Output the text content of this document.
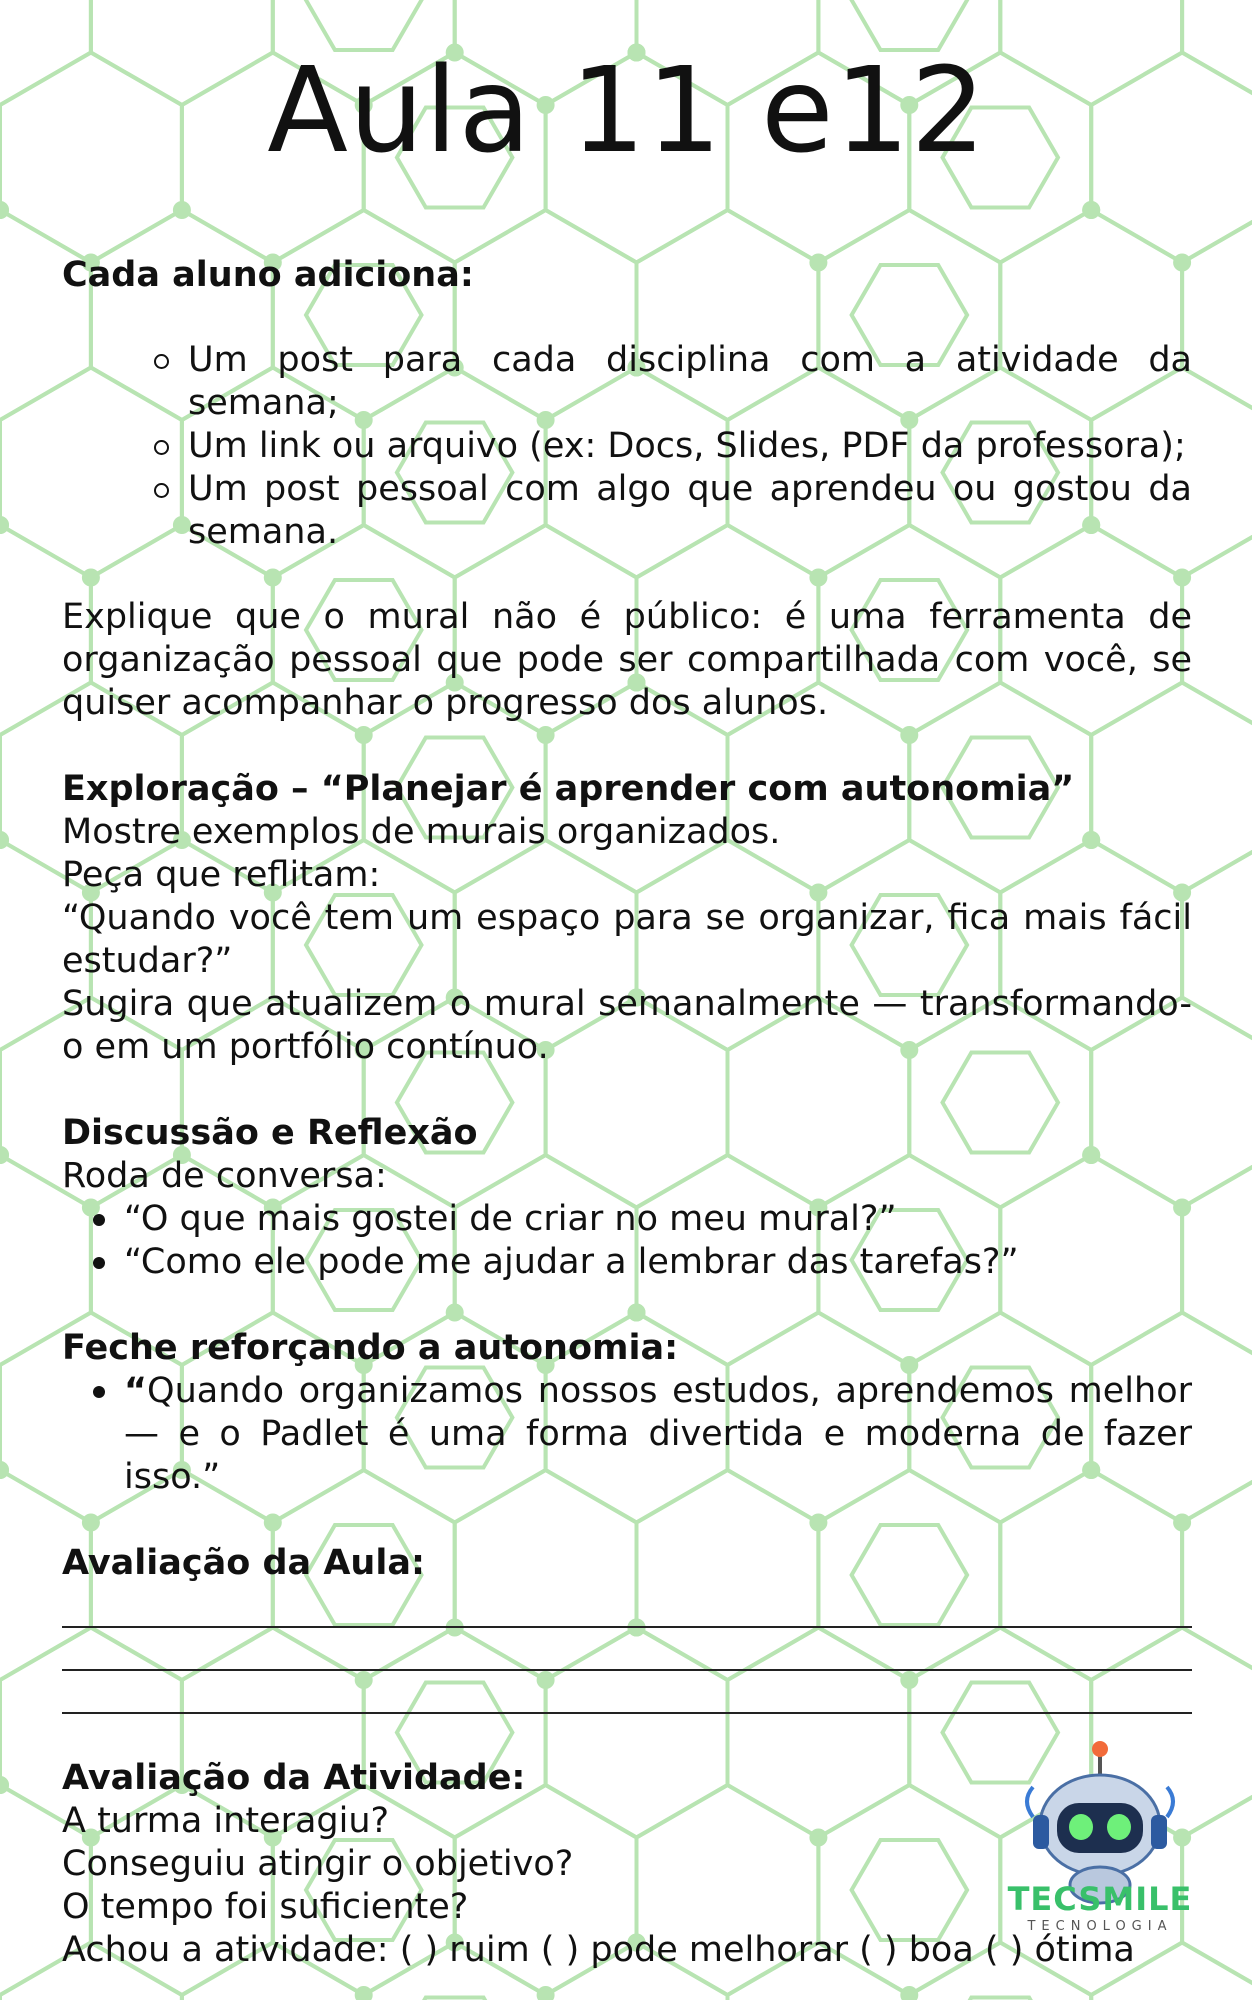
Aula 11 e12

Cada aluno adiciona:

Um post para cada disciplina com a atividade da semana;
Um link ou arquivo (ex: Docs, Slides, PDF da professora);
Um post pessoal com algo que aprendeu ou gostou da semana.

Explique que o mural não é público: é uma ferramenta de organização pessoal que pode ser compartilhada com você, se quiser acompanhar o progresso dos alunos.

Exploração – “Planejar é aprender com autonomia”

Mostre exemplos de murais organizados.

Peça que reflitam:

“Quando você tem um espaço para se organizar, fica mais fácil estudar?”

Sugira que atualizem o mural semanalmente — transformando-o em um portfólio contínuo.

Discussão e Reflexão

Roda de conversa:

“O que mais gostei de criar no meu mural?”
“Como ele pode me ajudar a lembrar das tarefas?”

Feche reforçando a autonomia:

“Quando organizamos nossos estudos, aprendemos melhor — e o Padlet é uma forma divertida e moderna de fazer isso.”

Avaliação da Aula:

Avaliação da Atividade:

A turma interagiu?

Conseguiu atingir o objetivo?

O tempo foi suficiente?

Achou a atividade: ( ) ruim ( ) pode melhorar ( ) boa ( ) ótima

TECSMILE
TECNOLOGIA
